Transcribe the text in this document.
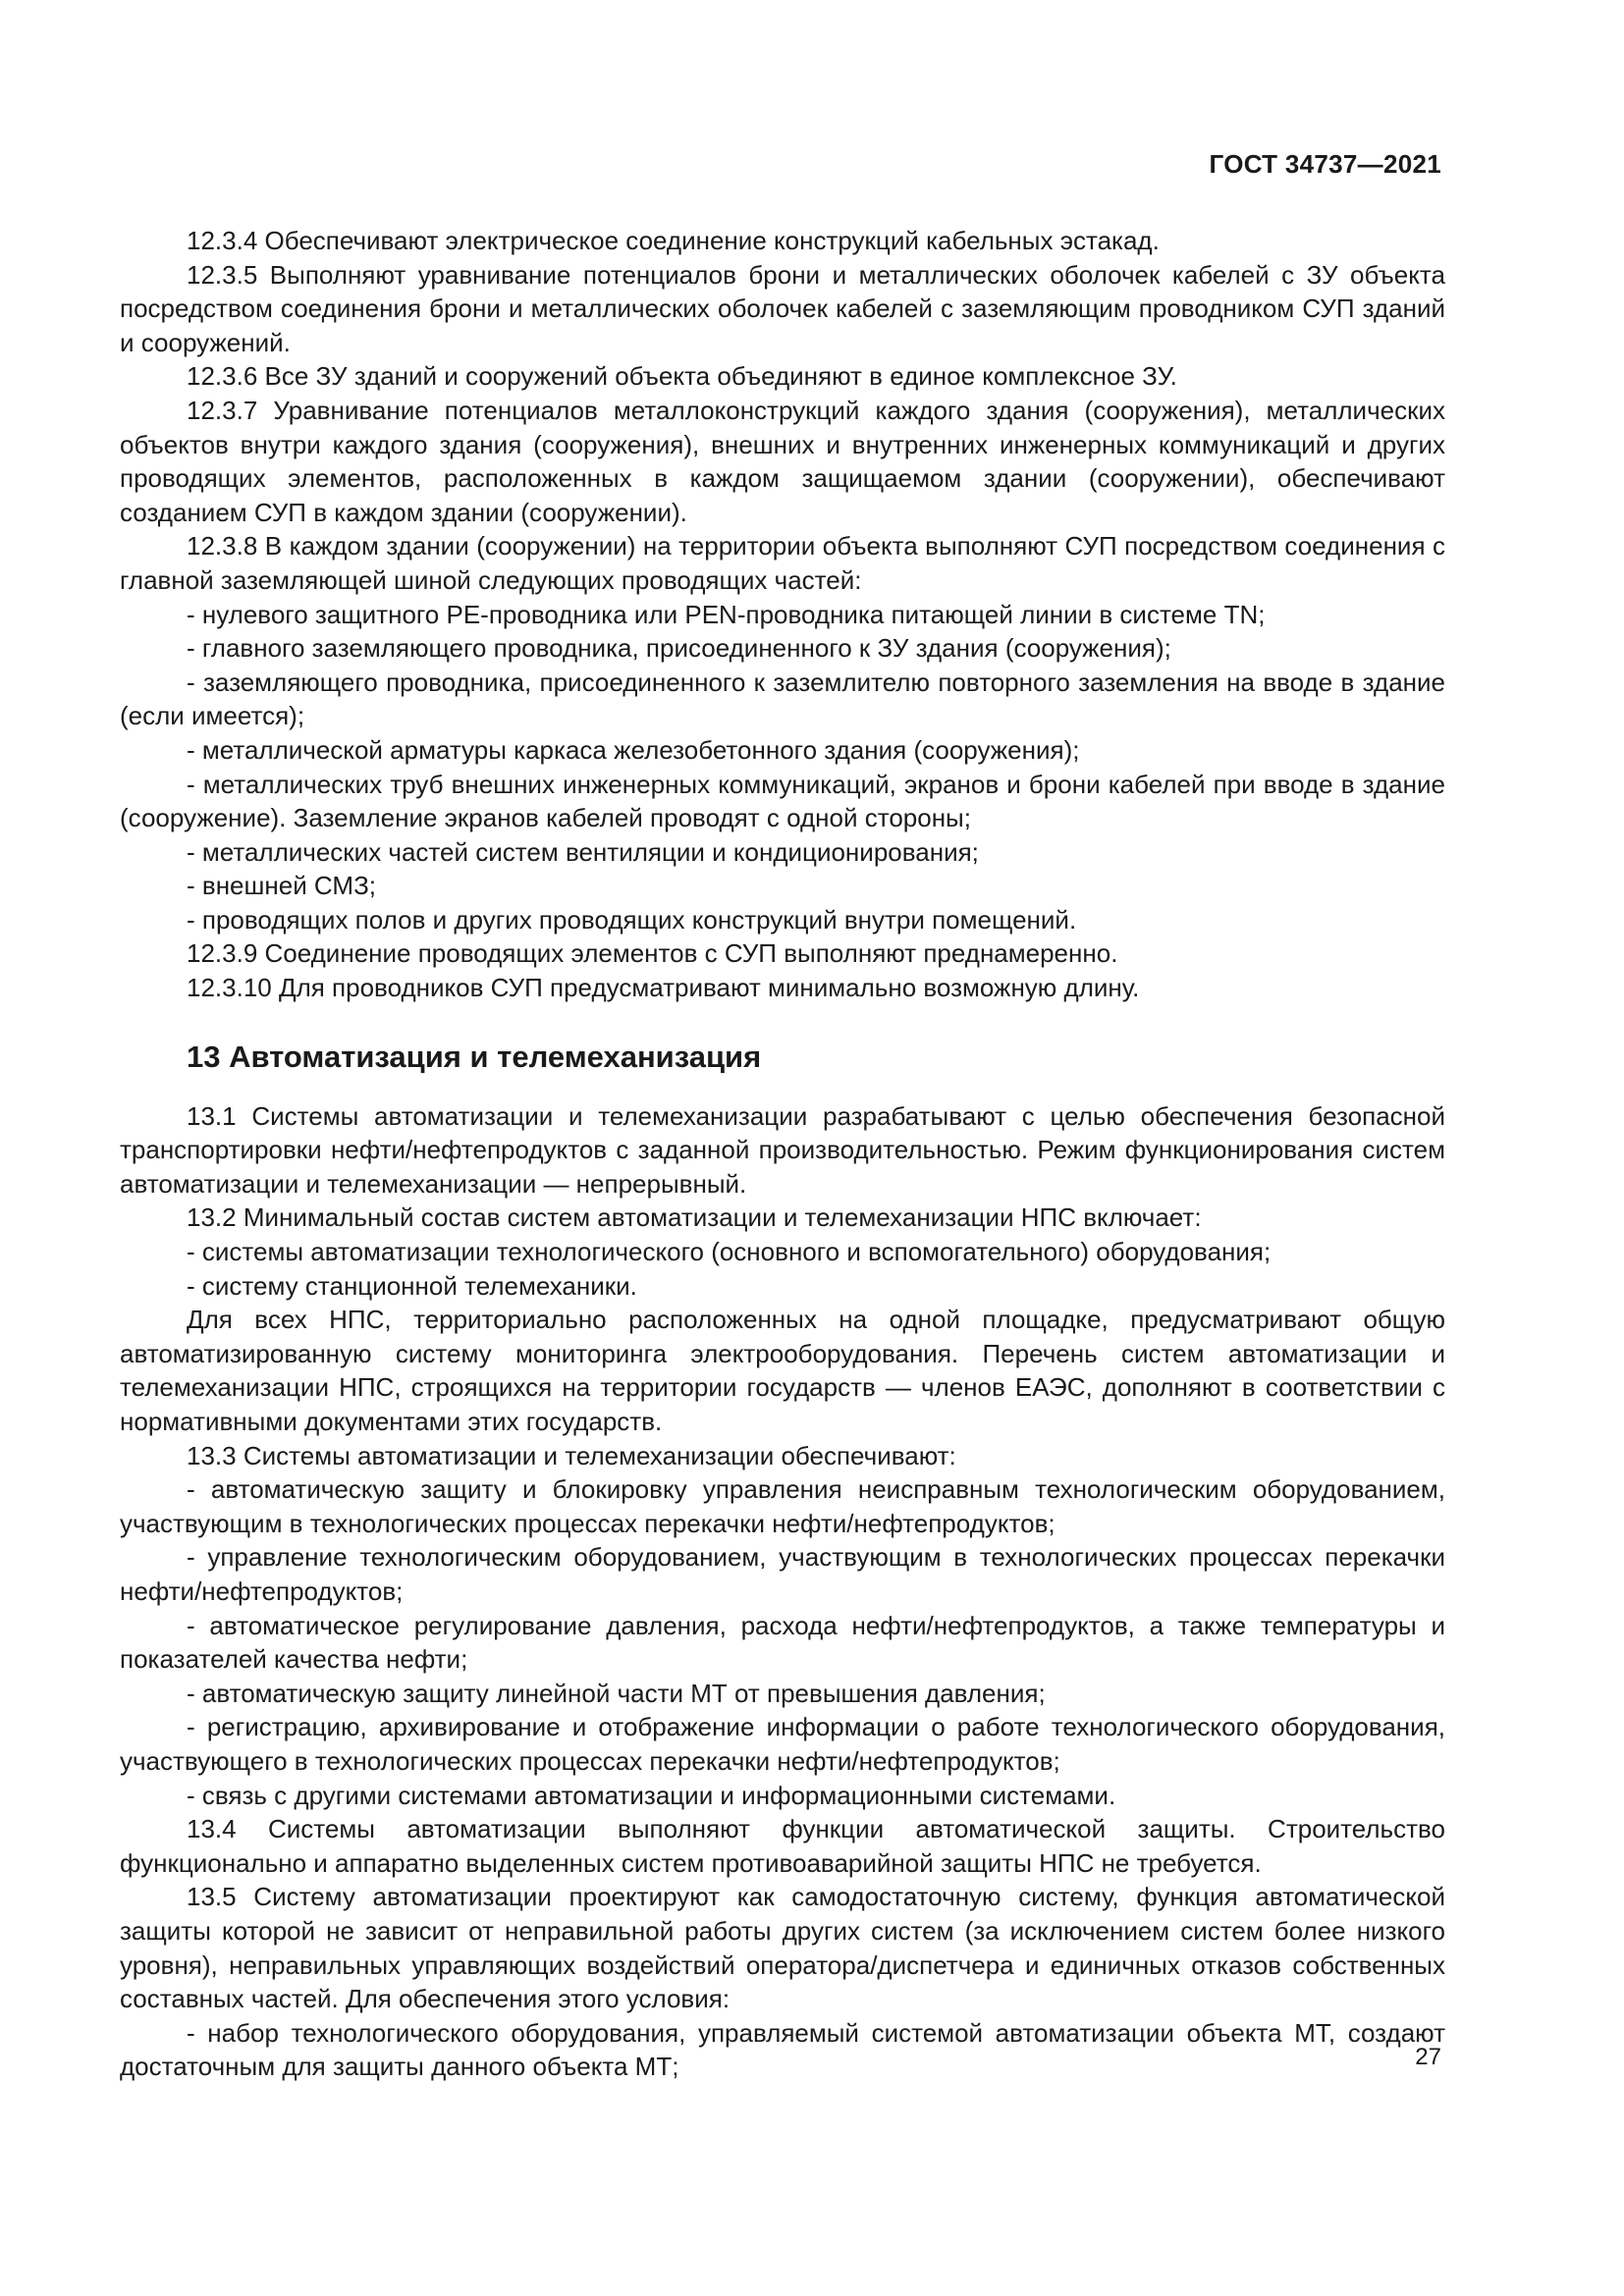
ГОСТ 34737—2021

12.3.4 Обеспечивают электрическое соединение конструкций кабельных эстакад.

12.3.5 Выполняют уравнивание потенциалов брони и металлических оболочек кабелей с ЗУ объекта посредством соединения брони и металлических оболочек кабелей с заземляющим проводником СУП зданий и сооружений.

12.3.6 Все ЗУ зданий и сооружений объекта объединяют в единое комплексное ЗУ.

12.3.7 Уравнивание потенциалов металлоконструкций каждого здания (сооружения), металлических объектов внутри каждого здания (сооружения), внешних и внутренних инженерных коммуникаций и других проводящих элементов, расположенных в каждом защищаемом здании (сооружении), обеспечивают созданием СУП в каждом здании (сооружении).

12.3.8 В каждом здании (сооружении) на территории объекта выполняют СУП посредством соединения с главной заземляющей шиной следующих проводящих частей:

- нулевого защитного PE-проводника или PEN-проводника питающей линии в системе TN;

- главного заземляющего проводника, присоединенного к ЗУ здания (сооружения);

- заземляющего проводника, присоединенного к заземлителю повторного заземления на вводе в здание (если имеется);

- металлической арматуры каркаса железобетонного здания (сооружения);

- металлических труб внешних инженерных коммуникаций, экранов и брони кабелей при вводе в здание (сооружение). Заземление экранов кабелей проводят с одной стороны;

- металлических частей систем вентиляции и кондиционирования;

- внешней СМЗ;

- проводящих полов и других проводящих конструкций внутри помещений.

12.3.9 Соединение проводящих элементов с СУП выполняют преднамеренно.

12.3.10 Для проводников СУП предусматривают минимально возможную длину.

13 Автоматизация и телемеханизация

13.1 Системы автоматизации и телемеханизации разрабатывают с целью обеспечения безопасной транспортировки нефти/нефтепродуктов с заданной производительностью. Режим функционирования систем автоматизации и телемеханизации — непрерывный.

13.2 Минимальный состав систем автоматизации и телемеханизации НПС включает:

- системы автоматизации технологического (основного и вспомогательного) оборудования;

- систему станционной телемеханики.

Для всех НПС, территориально расположенных на одной площадке, предусматривают общую автоматизированную систему мониторинга электрооборудования. Перечень систем автоматизации и телемеханизации НПС, строящихся на территории государств — членов ЕАЭС, дополняют в соответствии с нормативными документами этих государств.

13.3 Системы автоматизации и телемеханизации обеспечивают:

- автоматическую защиту и блокировку управления неисправным технологическим оборудованием, участвующим в технологических процессах перекачки нефти/нефтепродуктов;

- управление технологическим оборудованием, участвующим в технологических процессах перекачки нефти/нефтепродуктов;

- автоматическое регулирование давления, расхода нефти/нефтепродуктов, а также температуры и показателей качества нефти;

- автоматическую защиту линейной части МТ от превышения давления;

- регистрацию, архивирование и отображение информации о работе технологического оборудования, участвующего в технологических процессах перекачки нефти/нефтепродуктов;

- связь с другими системами автоматизации и информационными системами.

13.4 Системы автоматизации выполняют функции автоматической защиты. Строительство функционально и аппаратно выделенных систем противоаварийной защиты НПС не требуется.

13.5 Систему автоматизации проектируют как самодостаточную систему, функция автоматической защиты которой не зависит от неправильной работы других систем (за исключением систем более низкого уровня), неправильных управляющих воздействий оператора/диспетчера и единичных отказов собственных составных частей. Для обеспечения этого условия:

- набор технологического оборудования, управляемый системой автоматизации объекта МТ, создают достаточным для защиты данного объекта МТ;	27
